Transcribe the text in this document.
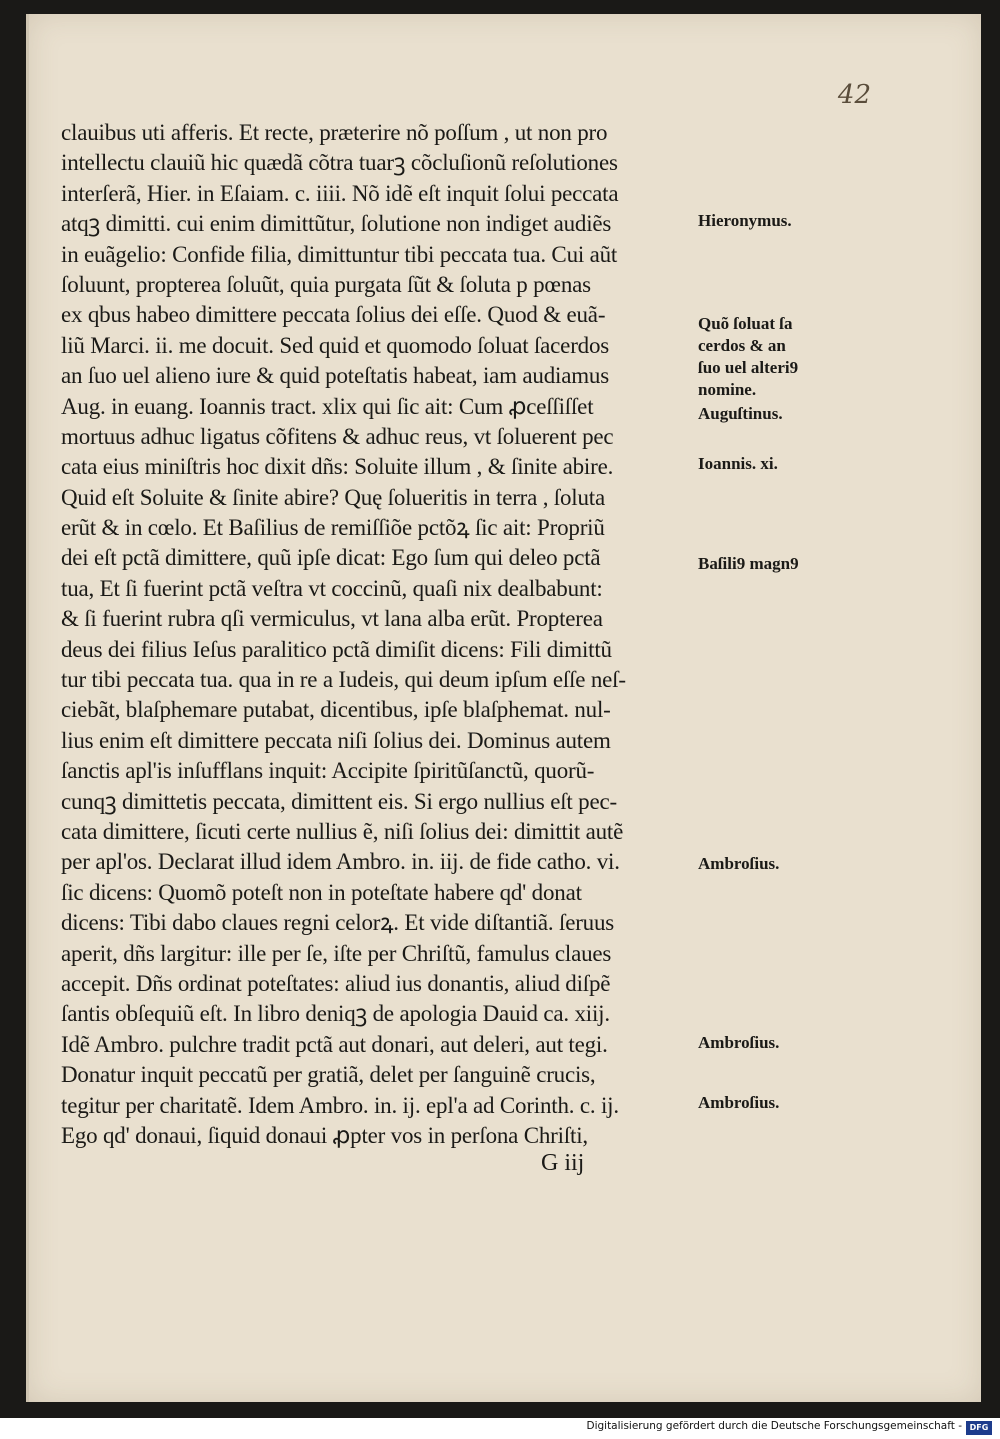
42
clauibus uti afferis. Et recte, præterire nõ poſſum , ut non pro
intellectu clauiũ hic quædã cõtra tuarꝫ cõcluſionũ reſolutiones
interſerã, Hier. in Eſaiam. c. iiii. Nõ idẽ eſt inquit ſolui peccata
atqꝫ dimitti. cui enim dimittũtur, ſolutione non indiget audiẽs
in euãgelio: Confide filia, dimittuntur tibi peccata tua. Cui aũt
ſoluunt, propterea ſoluũt, quia purgata ſũt & ſoluta p pœnas
ex qbus habeo dimittere peccata ſolius dei eſſe. Quod & euã-
liũ Marci. ii. me docuit. Sed quid et quomodo ſoluat ſacerdos
an ſuo uel alieno iure & quid poteſtatis habeat, iam audiamus
Aug. in euang. Ioannis tract. xlix qui ſic ait: Cum ꝓceſſiſſet
mortuus adhuc ligatus cõfitens & adhuc reus, vt ſoluerent pec
cata eius miniſtris hoc dixit dñs: Soluite illum , & ſinite abire.
Quid eſt Soluite & ſinite abire? Quę ſolueritis in terra , ſoluta
erũt & in cœlo. Et Baſilius de remiſſiõe pctõꝝ ſic ait: Propriũ
dei eſt pctã dimittere, quũ ipſe dicat: Ego ſum qui deleo pctã
tua, Et ſi fuerint pctã veſtra vt coccinũ, quaſi nix dealbabunt:
& ſi fuerint rubra qſi vermiculus, vt lana alba erũt. Propterea
deus dei filius Ieſus paralitico pctã dimiſit dicens: Fili dimittũ
tur tibi peccata tua. qua in re a Iudeis, qui deum ipſum eſſe neſ-
ciebãt, blaſphemare putabat, dicentibus, ipſe blaſphemat. nul-
lius enim eſt dimittere peccata niſi ſolius dei. Dominus autem
ſanctis apl'is inſufflans inquit: Accipite ſpiritũſanctũ, quorũ-
cunqꝫ dimittetis peccata, dimittent eis. Si ergo nullius eſt pec-
cata dimittere, ſicuti certe nullius ẽ, niſi ſolius dei: dimittit autẽ
per apl'os. Declarat illud idem Ambro. in. iij. de fide catho. vi.
ſic dicens: Quomõ poteſt non in poteſtate habere qd' donat
dicens: Tibi dabo claues regni celorꝝ. Et vide diſtantiã. ſeruus
aperit, dñs largitur: ille per ſe, iſte per Chriſtũ, famulus claues
accepit. Dñs ordinat poteſtates: aliud ius donantis, aliud diſpẽ
ſantis obſequiũ eſt. In libro deniqꝫ de apologia Dauid ca. xiij.
Idẽ Ambro. pulchre tradit pctã aut donari, aut deleri, aut tegi.
Donatur inquit peccatũ per gratiã, delet per ſanguinẽ crucis,
tegitur per charitatẽ. Idem Ambro. in. ij. epl'a ad Corinth. c. ij.
Ego qd' donaui, ſiquid donaui ꝓpter vos in perſona Chriſti,
Hieronymus.
Quõ ſoluat ſa
cerdos & an
ſuo uel alteri9
nomine.
Auguſtinus.
Ioannis. xi.
Baſili9 magn9
Ambroſius.
Ambroſius.
Ambroſius.
G iij
Digitalisierung gefördert durch die Deutsche Forschungsgemeinschaft - DFG
